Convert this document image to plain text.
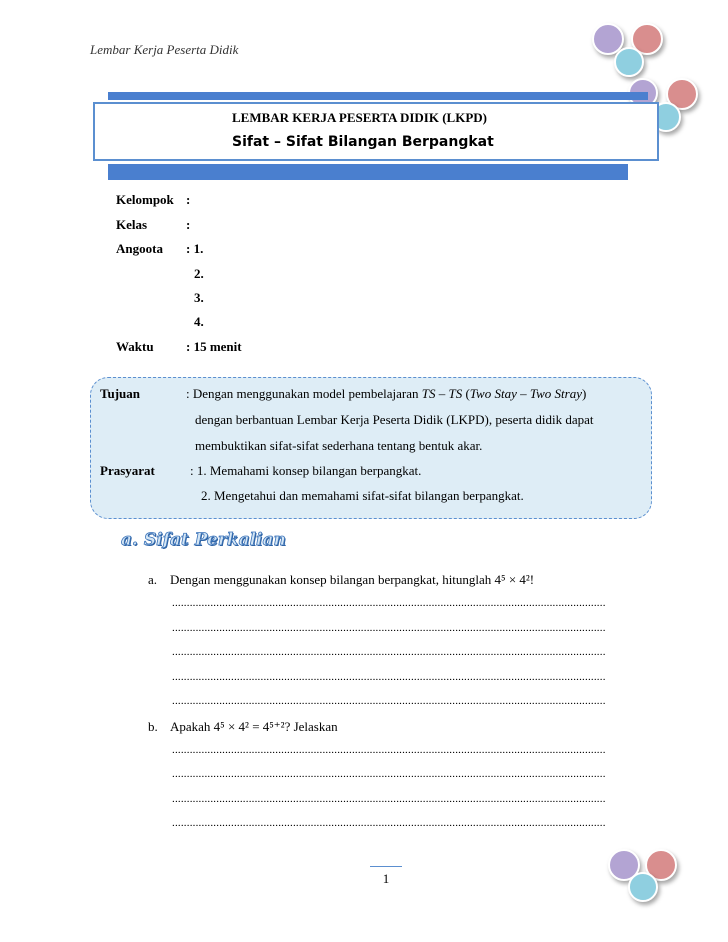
Lembar Kerja Peserta Didik
LEMBAR KERJA PESERTA DIDIK (LKPD)
Sifat – Sifat Bilangan Berpangkat
Kelompok :
Kelas	:
Angoota : 1.
2.
3.
4.
Waktu : 15 menit
Tujuan	: Dengan menggunakan model pembelajaran TS – TS (Two Stay – Two Stray)
dengan berbantuan Lembar Kerja Peserta Didik (LKPD), peserta didik dapat
membuktikan sifat-sifat sederhana tentang bentuk akar.
Prasyarat	: 1. Memahami konsep bilangan berpangkat.
2. Mengetahui dan memahami sifat-sifat bilangan berpangkat.
a. Sifat Perkalian
a. Dengan menggunakan konsep bilangan berpangkat, hitunglah 4⁵ × 4²!
...................................................................................................................................................
...................................................................................................................................................
...................................................................................................................................................
...................................................................................................................................................
...................................................................................................................................................
b. Apakah 4⁵ × 4² = 4⁵⁺²? Jelaskan
...................................................................................................................................................
...................................................................................................................................................
...................................................................................................................................................
...................................................................................................................................................
1
